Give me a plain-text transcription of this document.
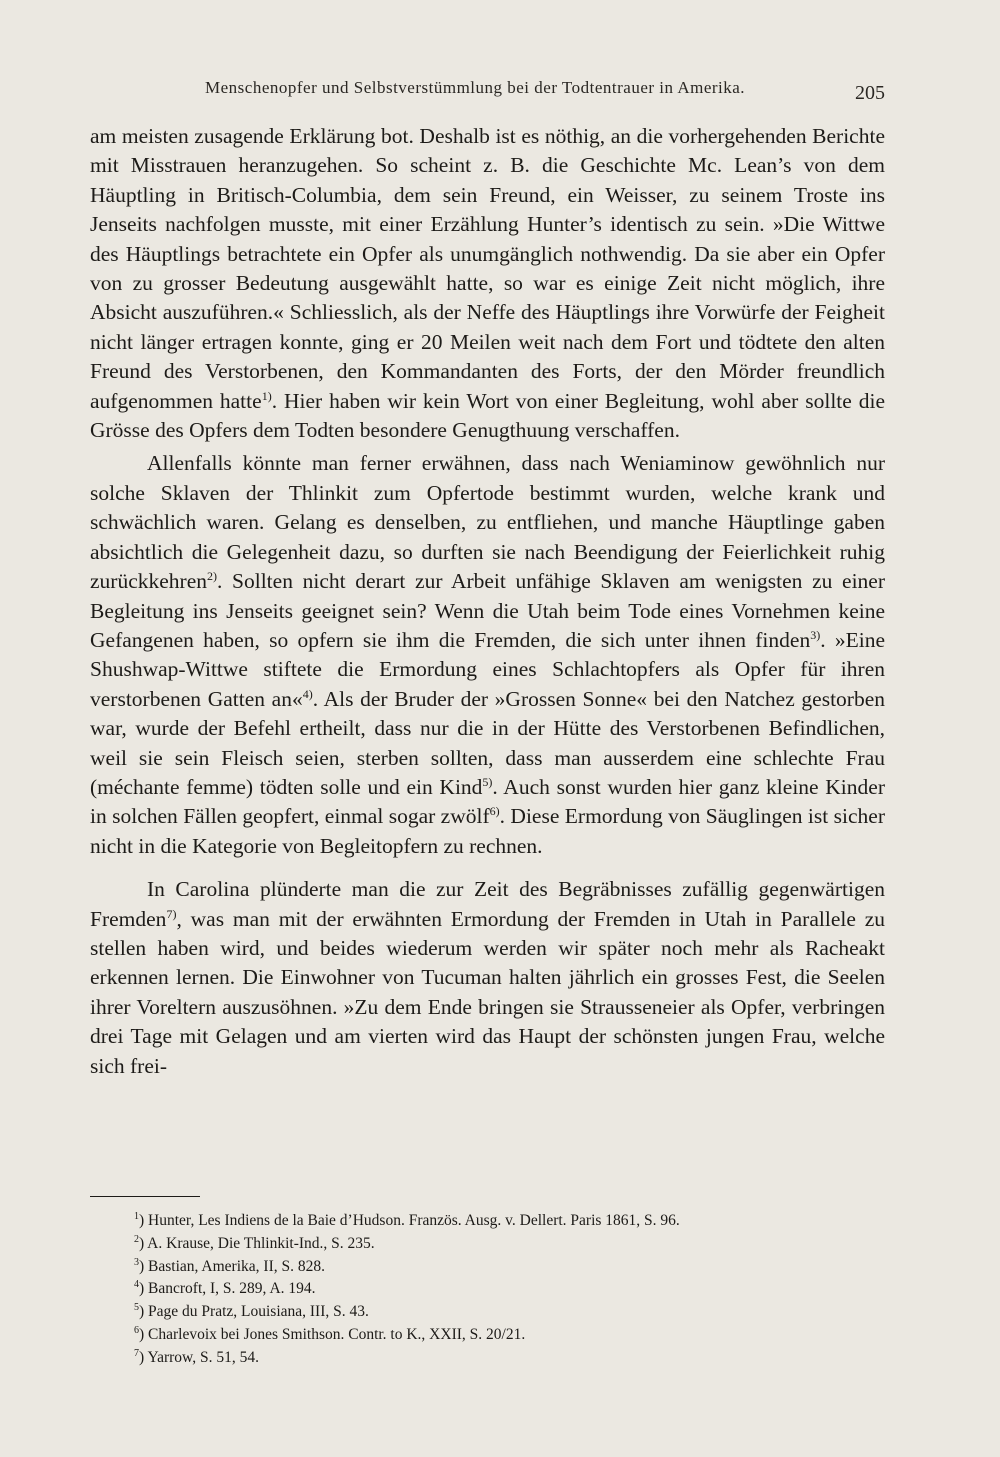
Menschenopfer und Selbstverstümmlung bei der Todtentrauer in Amerika.	205

am meisten zusagende Erklärung bot. Deshalb ist es nöthig, an die vorhergehenden Berichte mit Misstrauen heranzugehen. So scheint z. B. die Geschichte Mc. Lean’s von dem Häuptling in Britisch-Columbia, dem sein Freund, ein Weisser, zu seinem Troste ins Jenseits nachfolgen musste, mit einer Erzählung Hunter’s identisch zu sein. »Die Wittwe des Häuptlings betrachtete ein Opfer als unumgänglich nothwendig. Da sie aber ein Opfer von zu grosser Bedeutung ausgewählt hatte, so war es einige Zeit nicht möglich, ihre Absicht auszuführen.« Schliesslich, als der Neffe des Häuptlings ihre Vorwürfe der Feigheit nicht länger ertragen konnte, ging er 20 Meilen weit nach dem Fort und tödtete den alten Freund des Verstorbenen, den Kommandanten des Forts, der den Mörder freundlich aufgenommen hatte$^{1)}$. Hier haben wir kein Wort von einer Begleitung, wohl aber sollte die Grösse des Opfers dem Todten besondere Genugthuung verschaffen.

Allenfalls könnte man ferner erwähnen, dass nach Weniaminow gewöhnlich nur solche Sklaven der Thlinkit zum Opfertode bestimmt wurden, welche krank und schwächlich waren. Gelang es denselben, zu entfliehen, und manche Häuptlinge gaben absichtlich die Gelegenheit dazu, so durften sie nach Beendigung der Feierlichkeit ruhig zurückkehren$^{2)}$. Sollten nicht derart zur Arbeit unfähige Sklaven am wenigsten zu einer Begleitung ins Jenseits geeignet sein? Wenn die Utah beim Tode eines Vornehmen keine Gefangenen haben, so opfern sie ihm die Fremden, die sich unter ihnen finden$^{3)}$. »Eine Shushwap-Wittwe stiftete die Ermordung eines Schlachtopfers als Opfer für ihren verstorbenen Gatten an«$^{4)}$. Als der Bruder der »Grossen Sonne« bei den Natchez gestorben war, wurde der Befehl ertheilt, dass nur die in der Hütte des Verstorbenen Befindlichen, weil sie sein Fleisch seien, sterben sollten, dass man ausserdem eine schlechte Frau (méchante femme) tödten solle und ein Kind$^{5)}$. Auch sonst wurden hier ganz kleine Kinder in solchen Fällen geopfert, einmal sogar zwölf$^{6)}$. Diese Ermordung von Säuglingen ist sicher nicht in die Kategorie von Begleitopfern zu rechnen.

In Carolina plünderte man die zur Zeit des Begräbnisses zufällig gegenwärtigen Fremden$^{7)}$, was man mit der erwähnten Ermordung der Fremden in Utah in Parallele zu stellen haben wird, und beides wiederum werden wir später noch mehr als Racheakt erkennen lernen. Die Einwohner von Tucuman halten jährlich ein grosses Fest, die Seelen ihrer Voreltern auszusöhnen. »Zu dem Ende bringen sie Strausseneier als Opfer, verbringen drei Tage mit Gelagen und am vierten wird das Haupt der schönsten jungen Frau, welche sich frei-

$^1$) Hunter, Les Indiens de la Baie d’Hudson. Französ. Ausg. v. Dellert. Paris 1861, S. 96.
$^2$) A. Krause, Die Thlinkit-Ind., S. 235.
$^3$) Bastian, Amerika, II, S. 828.
$^4$) Bancroft, I, S. 289, A. 194.
$^5$) Page du Pratz, Louisiana, III, S. 43.
$^6$) Charlevoix bei Jones Smithson. Contr. to K., XXII, S. 20/21.
$^7$) Yarrow, S. 51, 54.
